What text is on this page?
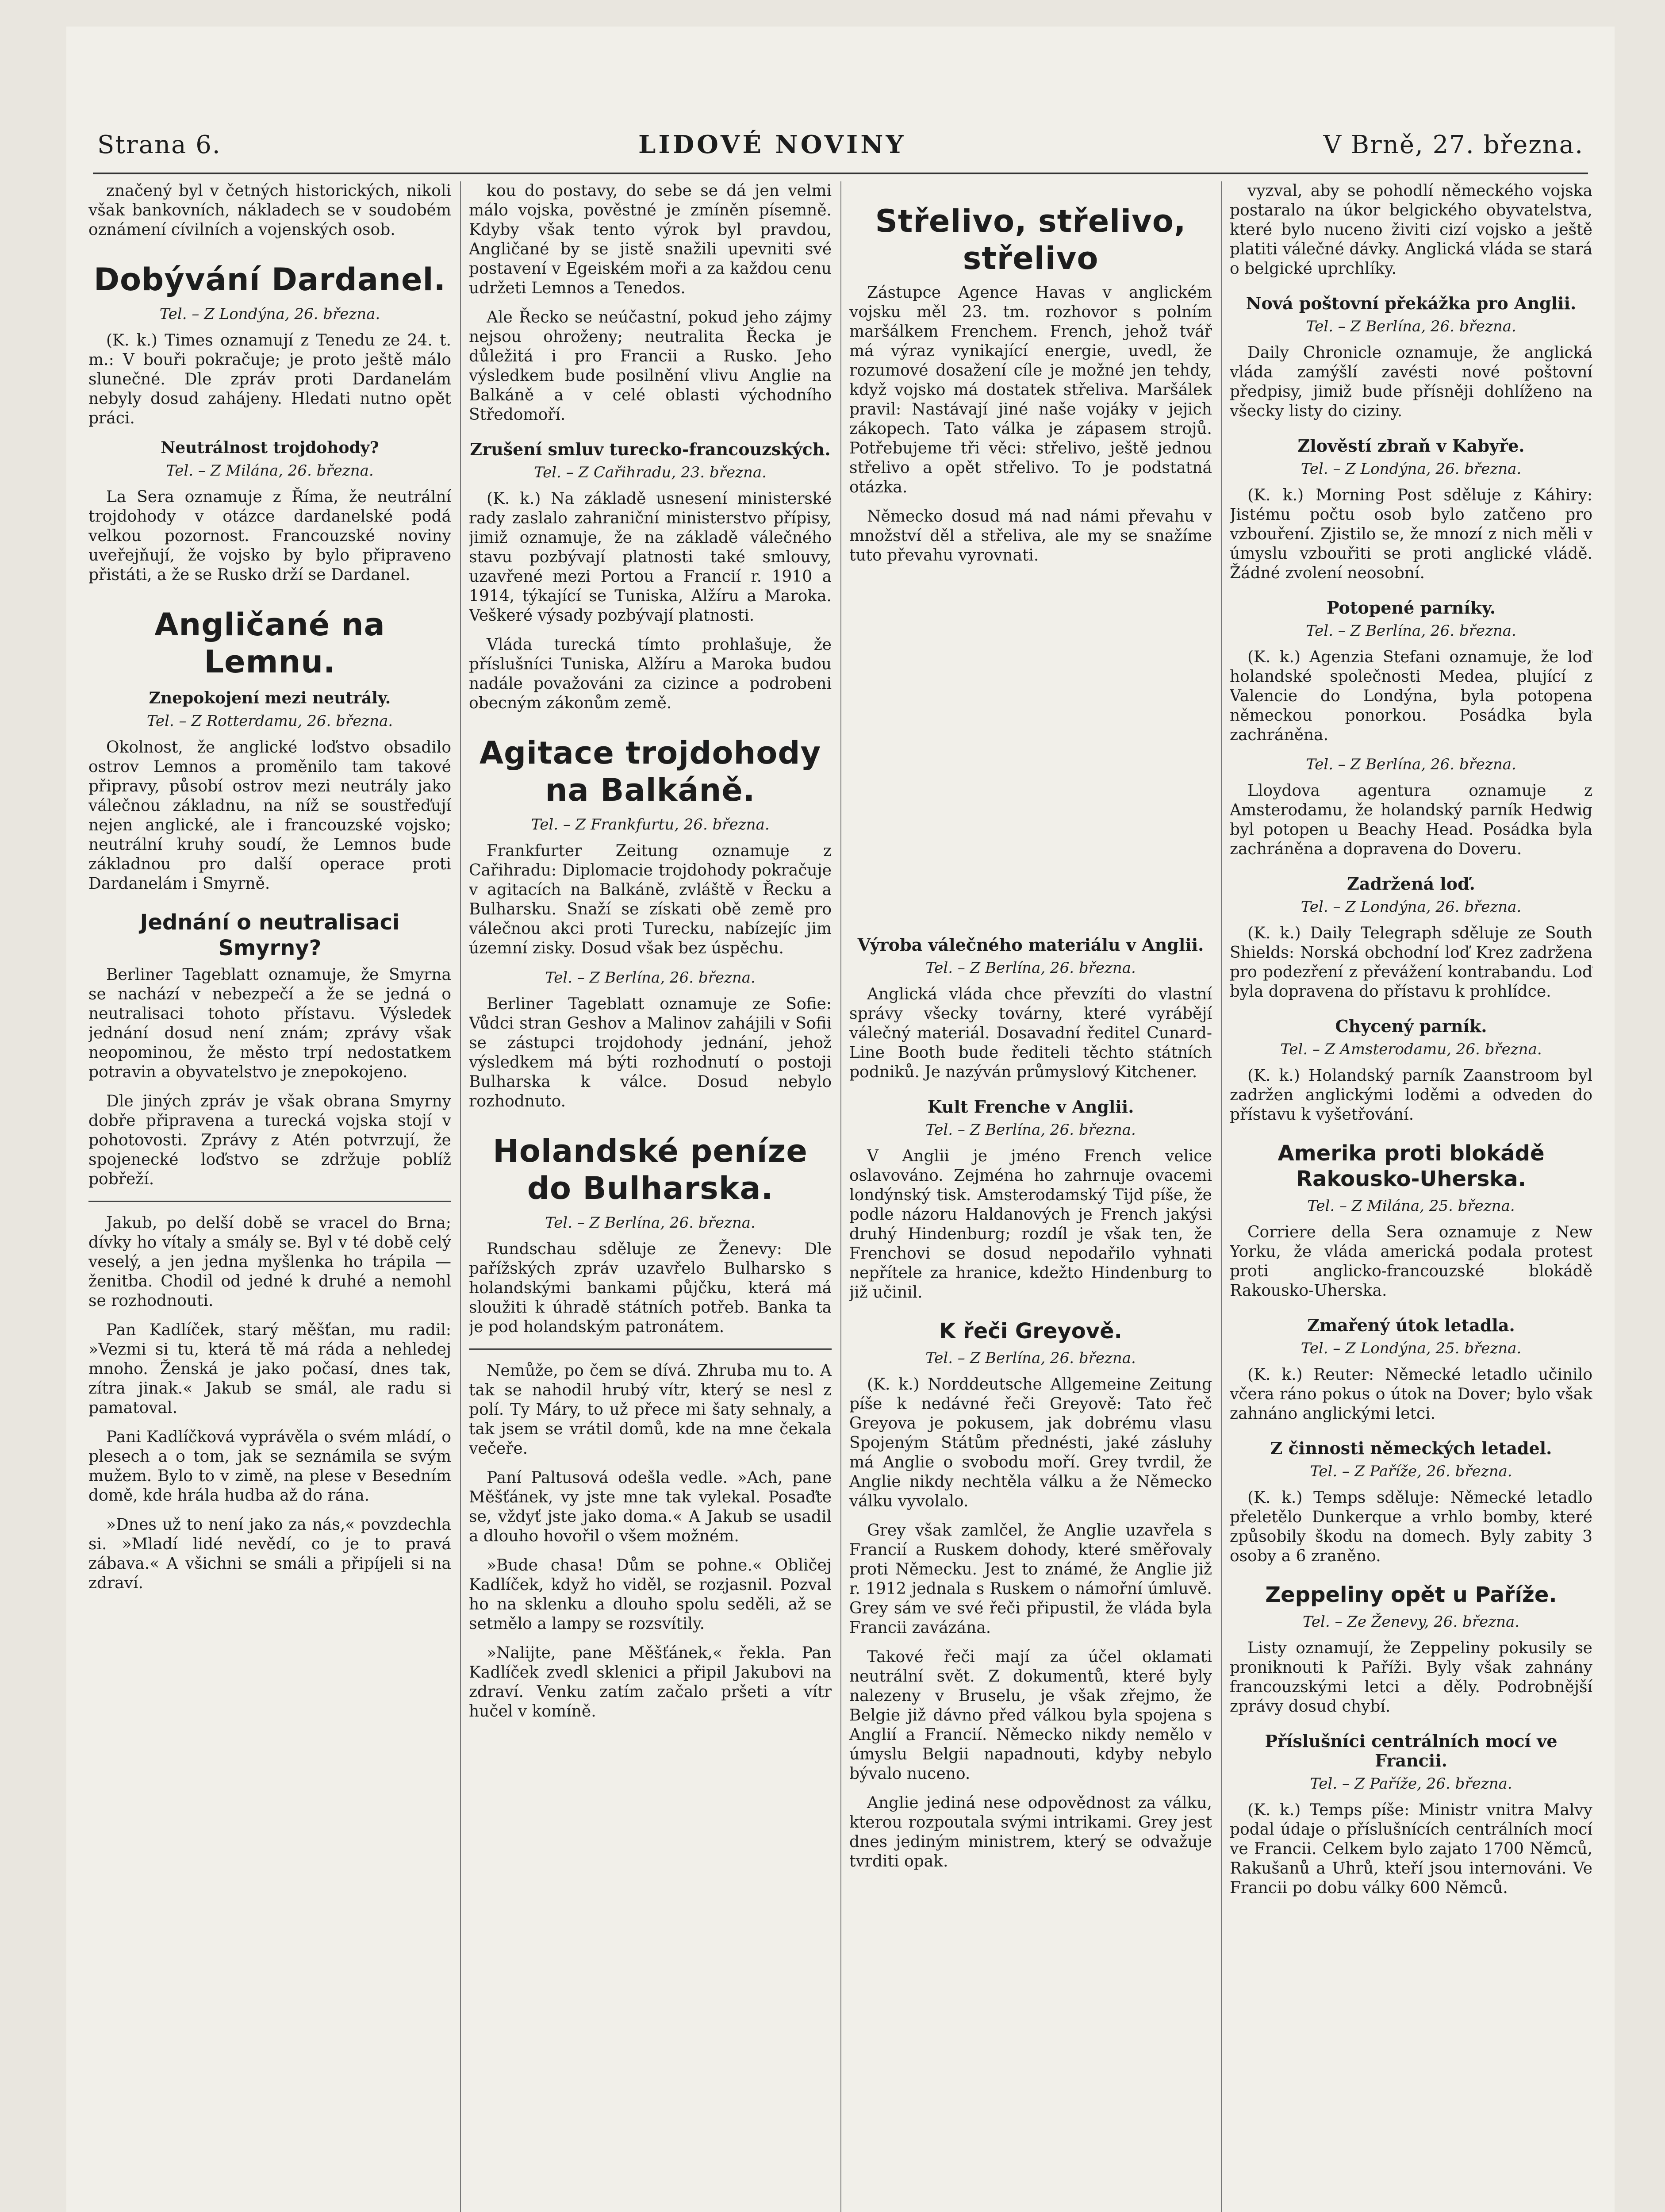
Strana 6.	LIDOVÉ NOVINY	V Brně, 27. března.

značený byl v četných historických, nikoli však bankovních, nákladech se v soudobém oznámení cívilních a vojenských osob.

Dobývání Dardanel.

Tel. – Z Londýna, 26. března.

(K. k.) Times oznamují z Tenedu ze 24. t. m.: V bouři pokračuje; je proto ještě málo slunečné. Dle zpráv proti Dardanelám nebyly dosud zahájeny. Hledati nutno opět práci.

Neutrálnost trojdohody?

Tel. – Z Milána, 26. března.

La Sera oznamuje z Říma, že neutrální trojdohody v otázce dardanelské podá velkou pozornost. Francouzské noviny uveřejňují, že vojsko by bylo připraveno přistáti, a že se Rusko drží se Dardanel.

Angličané na Lemnu.
Znepokojení mezi neutrály.

Tel. – Z Rotterdamu, 26. března.

Okolnost, že anglické loďstvo obsadilo ostrov Lemnos a proměnilo tam takové připravy, působí ostrov mezi neutrály jako válečnou základnu, na níž se soustřeďují nejen anglické, ale i francouzské vojsko; neutrální kruhy soudí, že Lemnos bude základnou pro další operace proti Dardanelám i Smyrně.

Jednání o neutralisaci Smyrny?

Berliner Tageblatt oznamuje, že Smyrna se nachází v nebezpečí a že se jedná o neutralisaci tohoto přístavu. Výsledek jednání dosud není znám; zprávy však neopominou, že město trpí nedostatkem potravin a obyvatelstvo je znepokojeno.

Dle jiných zpráv je však obrana Smyrny dobře připravena a turecká vojska stojí v pohotovosti. Zprávy z Atén potvrzují, že spojenecké loďstvo se zdržuje poblíž pobřeží.

Jakub, po delší době se vracel do Brna; dívky ho vítaly a smály se. Byl v té době celý veselý, a jen jedna myšlenka ho trápila — ženitba. Chodil od jedné k druhé a nemohl se rozhodnouti.

Pan Kadlíček, starý měšťan, mu radil: »Vezmi si tu, která tě má ráda a nehledej mnoho. Ženská je jako počasí, dnes tak, zítra jinak.« Jakub se smál, ale radu si pamatoval.

Pani Kadlíčková vyprávěla o svém mládí, o plesech a o tom, jak se seznámila se svým mužem. Bylo to v zimě, na plese v Besedním domě, kde hrála hudba až do rána.

»Dnes už to není jako za nás,« povzdechla si. »Mladí lidé nevědí, co je to pravá zábava.« A všichni se smáli a připíjeli si na zdraví.

kou do postavy, do sebe se dá jen velmi málo vojska, pověstné je zmíněn písemně. Kdyby však tento výrok byl pravdou, Angličané by se jistě snažili upevniti své postavení v Egeiském moři a za každou cenu udržeti Lemnos a Tenedos.

Ale Řecko se neúčastní, pokud jeho zájmy nejsou ohroženy; neutralita Řecka je důležitá i pro Francii a Rusko. Jeho výsledkem bude posilnění vlivu Anglie na Balkáně a v celé oblasti východního Středomoří.

Zrušení smluv turecko-francouzských.

Tel. – Z Cařihradu, 23. března.

(K. k.) Na základě usnesení ministerské rady zaslalo zahraniční ministerstvo přípisy, jimiž oznamuje, že na základě válečného stavu pozbývají platnosti také smlouvy, uzavřené mezi Portou a Francií r. 1910 a 1914, týkající se Tuniska, Alžíru a Maroka. Veškeré výsady pozbývají platnosti.

Vláda turecká tímto prohlašuje, že příslušníci Tuniska, Alžíru a Maroka budou nadále považováni za cizince a podrobeni obecným zákonům země.

Agitace trojdohody na Balkáně.

Tel. – Z Frankfurtu, 26. března.

Frankfurter Zeitung oznamuje z Cařihradu: Diplomacie trojdohody pokračuje v agitacích na Balkáně, zvláště v Řecku a Bulharsku. Snaží se získati obě země pro válečnou akci proti Turecku, nabízejíc jim územní zisky. Dosud však bez úspěchu.

Tel. – Z Berlína, 26. března.

Berliner Tageblatt oznamuje ze Sofie: Vůdci stran Geshov a Malinov zahájili v Sofii se zástupci trojdohody jednání, jehož výsledkem má býti rozhodnutí o postoji Bulharska k válce. Dosud nebylo rozhodnuto.

Holandské peníze do Bulharska.

Tel. – Z Berlína, 26. března.

Rundschau sděluje ze Ženevy: Dle pařížských zpráv uzavřelo Bulharsko s holandskými bankami půjčku, která má sloužiti k úhradě státních potřeb. Banka ta je pod holandským patronátem.

Nemůže, po čem se dívá. Zhruba mu to. A tak se nahodil hrubý vítr, který se nesl z polí. Ty Máry, to už přece mi šaty sehnaly, a tak jsem se vrátil domů, kde na mne čekala večeře.

Paní Paltusová odešla vedle. »Ach, pane Měšťánek, vy jste mne tak vylekal. Posaďte se, vždyť jste jako doma.« A Jakub se usadil a dlouho hovořil o všem možném.

»Bude chasa! Dům se pohne.« Obličej Kadlíček, když ho viděl, se rozjasnil. Pozval ho na sklenku a dlouho spolu seděli, až se setmělo a lampy se rozsvítily.

»Nalijte, pane Měšťánek,« řekla. Pan Kadlíček zvedl sklenici a připil Jakubovi na zdraví. Venku zatím začalo pršeti a vítr hučel v komíně.

Střelivo, střelivo, střelivo

Zástupce Agence Havas v anglickém vojsku měl 23. tm. rozhovor s polním maršálkem Frenchem. French, jehož tvář má výraz vynikající energie, uvedl, že rozumové dosažení cíle je možné jen tehdy, když vojsko má dostatek střeliva. Maršálek pravil: Nastávají jiné naše vojáky v jejich zákopech. Tato válka je zápasem strojů. Potřebujeme tři věci: střelivo, ještě jednou střelivo a opět střelivo. To je podstatná otázka.

Německo dosud má nad námi převahu v množství děl a střeliva, ale my se snažíme tuto převahu vyrovnati.

Výroba válečného materiálu v Anglii.

Tel. – Z Berlína, 26. března.

Anglická vláda chce převzíti do vlastní správy všecky továrny, které vyrábějí válečný materiál. Dosavadní ředitel Cunard-Line Booth bude řediteli těchto státních podniků. Je nazýván průmyslový Kitchener.

Kult Frenche v Anglii.

Tel. – Z Berlína, 26. března.

V Anglii je jméno French velice oslavováno. Zejména ho zahrnuje ovacemi londýnský tisk. Amsterodamský Tijd píše, že podle názoru Haldanových je French jakýsi druhý Hindenburg; rozdíl je však ten, že Frenchovi se dosud nepodařilo vyhnati nepřítele za hranice, kdežto Hindenburg to již učinil.

K řeči Greyově.

Tel. – Z Berlína, 26. března.

(K. k.) Norddeutsche Allgemeine Zeitung píše k nedávné řeči Greyově: Tato řeč Greyova je pokusem, jak dobrému vlasu Spojeným Státům přednésti, jaké zásluhy má Anglie o svobodu moří. Grey tvrdil, že Anglie nikdy nechtěla válku a že Německo válku vyvolalo.

Grey však zamlčel, že Anglie uzavřela s Francií a Ruskem dohody, které směřovaly proti Německu. Jest to známé, že Anglie již r. 1912 jednala s Ruskem o námořní úmluvě. Grey sám ve své řeči připustil, že vláda byla Francii zavázána.

Takové řeči mají za účel oklamati neutrální svět. Z dokumentů, které byly nalezeny v Bruselu, je však zřejmo, že Belgie již dávno před válkou byla spojena s Anglií a Francií. Německo nikdy nemělo v úmyslu Belgii napadnouti, kdyby nebylo bývalo nuceno.

Anglie jediná nese odpovědnost za válku, kterou rozpoutala svými intrikami. Grey jest dnes jediným ministrem, který se odvažuje tvrditi opak.

vyzval, aby se pohodlí německého vojska postaralo na úkor belgického obyvatelstva, které bylo nuceno živiti cizí vojsko a ještě platiti válečné dávky. Anglická vláda se stará o belgické uprchlíky.

Nová poštovní překážka pro Anglii.

Tel. – Z Berlína, 26. března.

Daily Chronicle oznamuje, že anglická vláda zamýšlí zavésti nové poštovní předpisy, jimiž bude přísněji dohlíženo na všecky listy do ciziny.

Zlověstí zbraň v Kabyře.

Tel. – Z Londýna, 26. března.

(K. k.) Morning Post sděluje z Káhiry: Jistému počtu osob bylo zatčeno pro vzbouření. Zjistilo se, že mnozí z nich měli v úmyslu vzbouřiti se proti anglické vládě. Žádné zvolení neosobní.

Potopené parníky.

Tel. – Z Berlína, 26. března.

(K. k.) Agenzia Stefani oznamuje, že loď holandské společnosti Medea, plující z Valencie do Londýna, byla potopena německou ponorkou. Posádka byla zachráněna.

Tel. – Z Berlína, 26. března.

Lloydova agentura oznamuje z Amsterodamu, že holandský parník Hedwig byl potopen u Beachy Head. Posádka byla zachráněna a dopravena do Doveru.

Zadržená loď.

Tel. – Z Londýna, 26. března.

(K. k.) Daily Telegraph sděluje ze South Shields: Norská obchodní loď Krez zadržena pro podezření z převážení kontrabandu. Loď byla dopravena do přístavu k prohlídce.

Chycený parník.

Tel. – Z Amsterodamu, 26. března.

(K. k.) Holandský parník Zaanstroom byl zadržen anglickými loděmi a odveden do přístavu k vyšetřování.

Amerika proti blokádě Rakousko-Uherska.

Tel. – Z Milána, 25. března.

Corriere della Sera oznamuje z New Yorku, že vláda americká podala protest proti anglicko-francouzské blokádě Rakousko-Uherska.

Zmařený útok letadla.

Tel. – Z Londýna, 25. března.

(K. k.) Reuter: Německé letadlo učinilo včera ráno pokus o útok na Dover; bylo však zahnáno anglickými letci.

Z činnosti německých letadel.

Tel. – Z Paříže, 26. března.

(K. k.) Temps sděluje: Německé letadlo přeletělo Dunkerque a vrhlo bomby, které způsobily škodu na domech. Byly zabity 3 osoby a 6 zraněno.

Zeppeliny opět u Paříže.

Tel. – Ze Ženevy, 26. března.

Listy oznamují, že Zeppeliny pokusily se proniknouti k Paříži. Byly však zahnány francouzskými letci a děly. Podrobnější zprávy dosud chybí.

Příslušníci centrálních mocí ve Francii.

Tel. – Z Paříže, 26. března.

(K. k.) Temps píše: Ministr vnitra Malvy podal údaje o příslušnících centrálních mocí ve Francii. Celkem bylo zajato 1700 Němců, Rakušanů a Uhrů, kteří jsou internováni. Ve Francii po dobu války 600 Němců.
